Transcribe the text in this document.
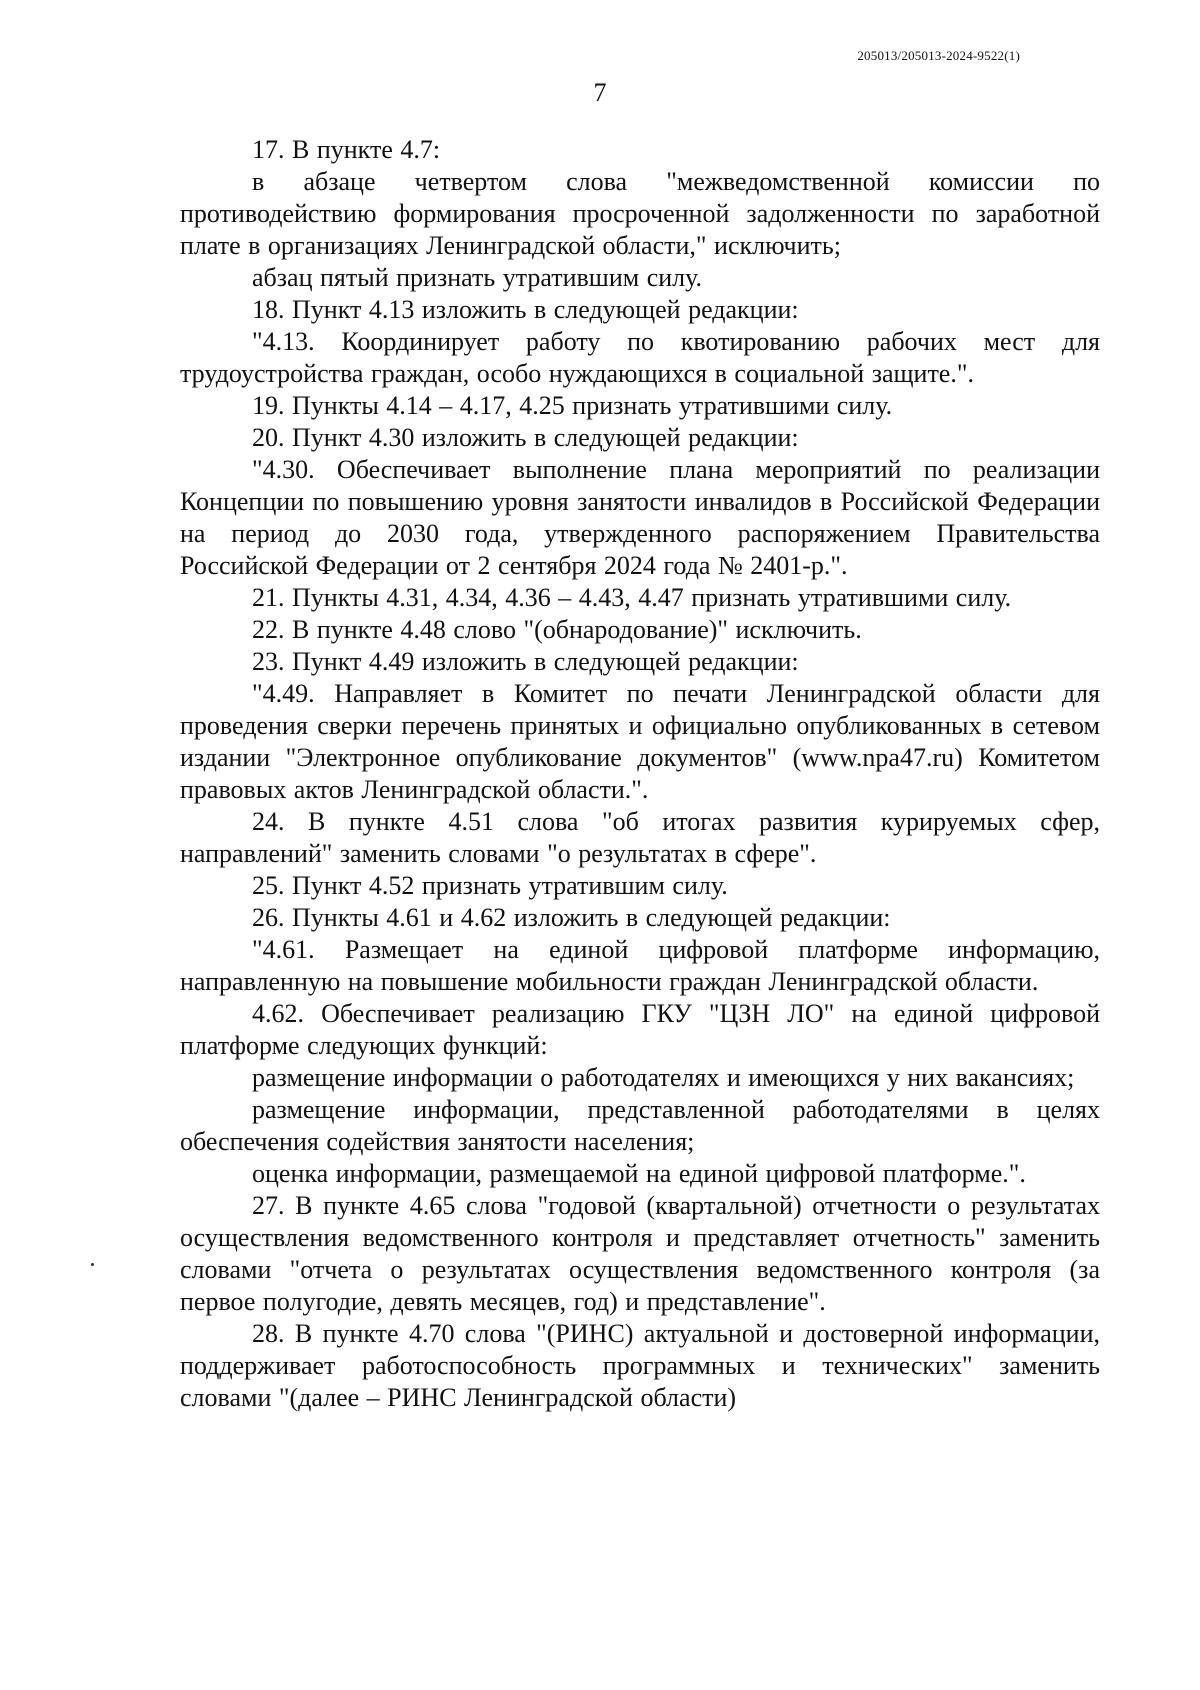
205013/205013-2024-9522(1)
7

17. В пункте 4.7:

в абзаце четвертом слова "межведомственной комиссии по противодействию формирования просроченной задолженности по заработной плате в организациях Ленинградской области," исключить;

абзац пятый признать утратившим силу.

18. Пункт 4.13 изложить в следующей редакции:

"4.13. Координирует работу по квотированию рабочих мест для трудоустройства граждан, особо нуждающихся в социальной защите.".

19. Пункты 4.14 – 4.17, 4.25 признать утратившими силу.

20. Пункт 4.30 изложить в следующей редакции:

"4.30. Обеспечивает выполнение плана мероприятий по реализации Концепции по повышению уровня занятости инвалидов в Российской Федерации на период до 2030 года, утвержденного распоряжением Правительства Российской Федерации от 2 сентября 2024 года № 2401-р.".

21. Пункты 4.31, 4.34, 4.36 – 4.43, 4.47 признать утратившими силу.

22. В пункте 4.48 слово "(обнародование)" исключить.

23. Пункт 4.49 изложить в следующей редакции:

"4.49. Направляет в Комитет по печати Ленинградской области для проведения сверки перечень принятых и официально опубликованных в сетевом издании "Электронное опубликование документов" (www.npa47.ru) Комитетом правовых актов Ленинградской области.".

24. В пункте 4.51 слова "об итогах развития курируемых сфер, направлений" заменить словами "о результатах в сфере".

25. Пункт 4.52 признать утратившим силу.

26. Пункты 4.61 и 4.62 изложить в следующей редакции:

"4.61. Размещает на единой цифровой платформе информацию, направленную на повышение мобильности граждан Ленинградской области.

4.62. Обеспечивает реализацию ГКУ "ЦЗН ЛО" на единой цифровой платформе следующих функций:

размещение информации о работодателях и имеющихся у них вакансиях;

размещение информации, представленной работодателями в целях обеспечения содействия занятости населения;

оценка информации, размещаемой на единой цифровой платформе.".

27. В пункте 4.65 слова "годовой (квартальной) отчетности о результатах осуществления ведомственного контроля и представляет отчетность" заменить словами "отчета о результатах осуществления ведомственного контроля (за первое полугодие, девять месяцев, год) и представление".

28. В пункте 4.70 слова "(РИНС) актуальной и достоверной информации, поддерживает работоспособность программных и технических" заменить словами "(далее – РИНС Ленинградской области)
